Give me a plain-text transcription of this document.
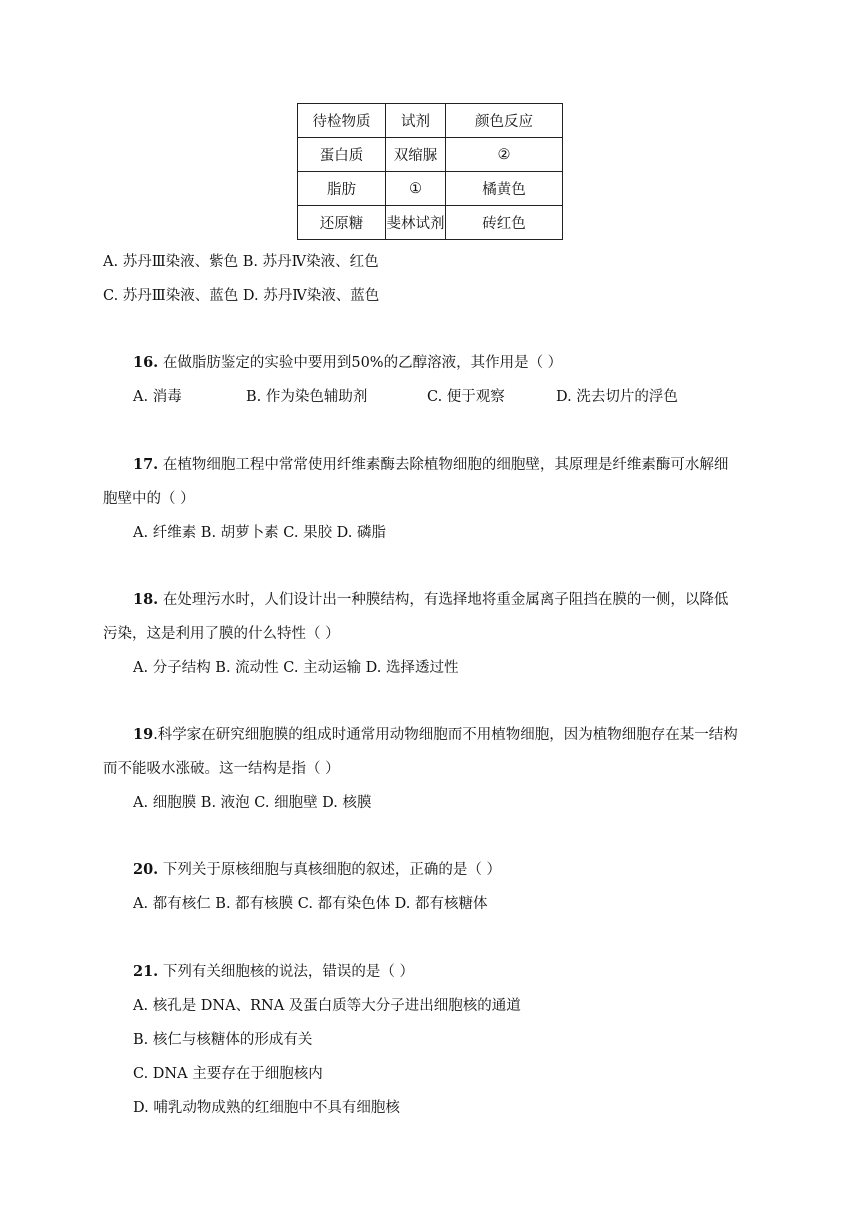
待检物质	试剂	颜色反应
蛋白质	双缩脲	②
脂肪	①	橘黄色
还原糖	斐林试剂	砖红色
A. 苏丹Ⅲ染液、紫色 B. 苏丹Ⅳ染液、红色
C. 苏丹Ⅲ染液、蓝色 D. 苏丹Ⅳ染液、蓝色
16. 在做脂肪鉴定的实验中要用到50%的乙醇溶液，其作用是（ ）
A. 消毒	B. 作为染色辅助剂	C. 便于观察	D. 洗去切片的浮色
17. 在植物细胞工程中常常使用纤维素酶去除植物细胞的细胞壁，其原理是纤维素酶可水解细
胞壁中的（ ）
A. 纤维素 B. 胡萝卜素 C. 果胶 D. 磷脂
18. 在处理污水时，人们设计出一种膜结构，有选择地将重金属离子阻挡在膜的一侧，以降低
污染，这是利用了膜的什么特性（ ）
A. 分子结构 B. 流动性 C. 主动运输 D. 选择透过性
19.科学家在研究细胞膜的组成时通常用动物细胞而不用植物细胞，因为植物细胞存在某一结构
而不能吸水涨破。这一结构是指（ ）
A. 细胞膜 B. 液泡 C. 细胞壁 D. 核膜
20. 下列关于原核细胞与真核细胞的叙述，正确的是（ ）
A. 都有核仁 B. 都有核膜 C. 都有染色体 D. 都有核糖体
21. 下列有关细胞核的说法，错误的是（ ）
A. 核孔是 DNA、RNA 及蛋白质等大分子进出细胞核的通道
B. 核仁与核糖体的形成有关
C. DNA 主要存在于细胞核内
D. 哺乳动物成熟的红细胞中不具有细胞核
